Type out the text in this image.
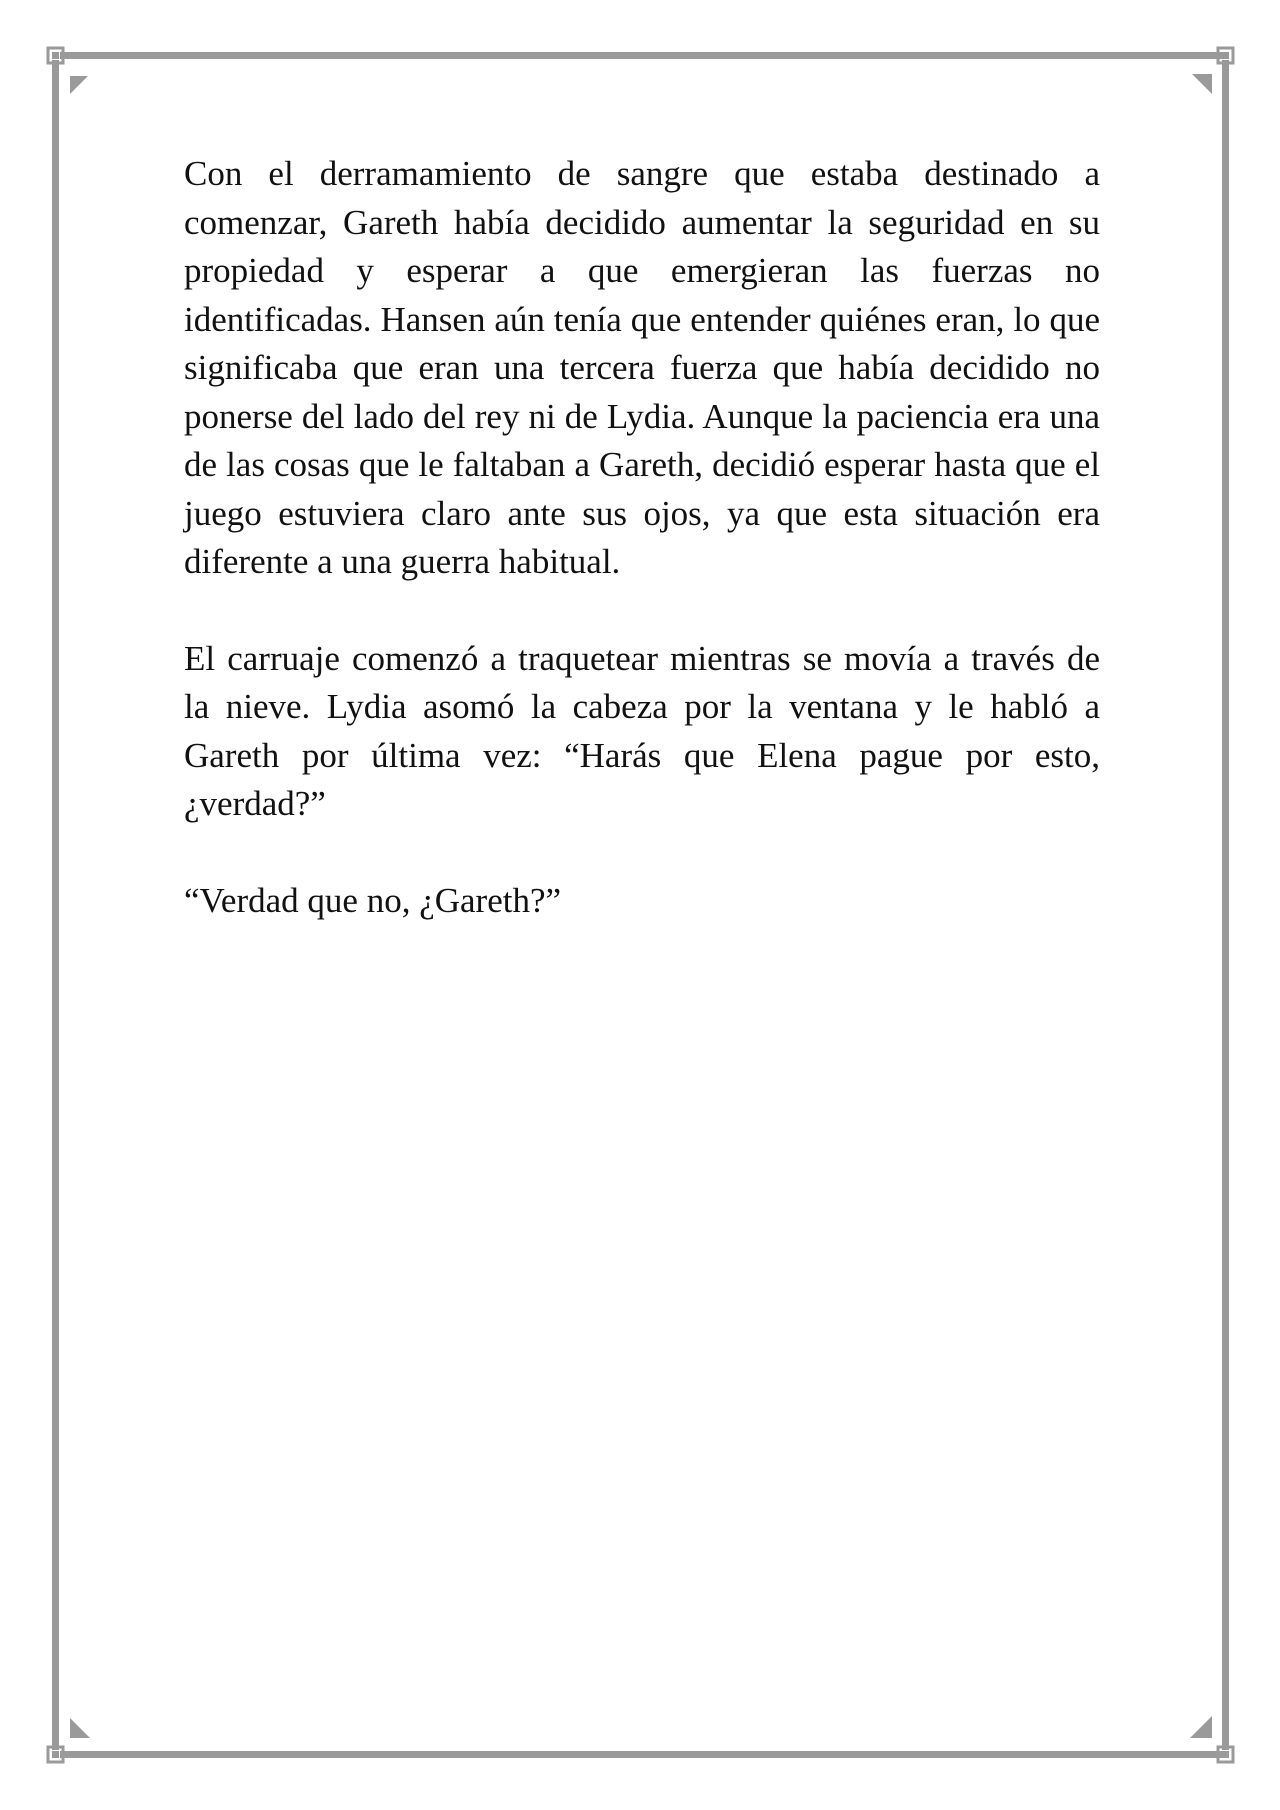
Con el derramamiento de sangre que estaba destinado a comenzar, Gareth había decidido aumentar la seguridad en su propiedad y esperar a que emergieran las fuerzas no identificadas. Hansen aún tenía que entender quiénes eran, lo que significaba que eran una tercera fuerza que había decidido no ponerse del lado del rey ni de Lydia. Aunque la paciencia era una de las cosas que le faltaban a Gareth, decidió esperar hasta que el juego estuviera claro ante sus ojos, ya que esta situación era diferente a una guerra habitual.

El carruaje comenzó a traquetear mientras se movía a través de la nieve. Lydia asomó la cabeza por la ventana y le habló a Gareth por última vez: “Harás que Elena pague por esto, ¿verdad?”

“Verdad que no, ¿Gareth?”
